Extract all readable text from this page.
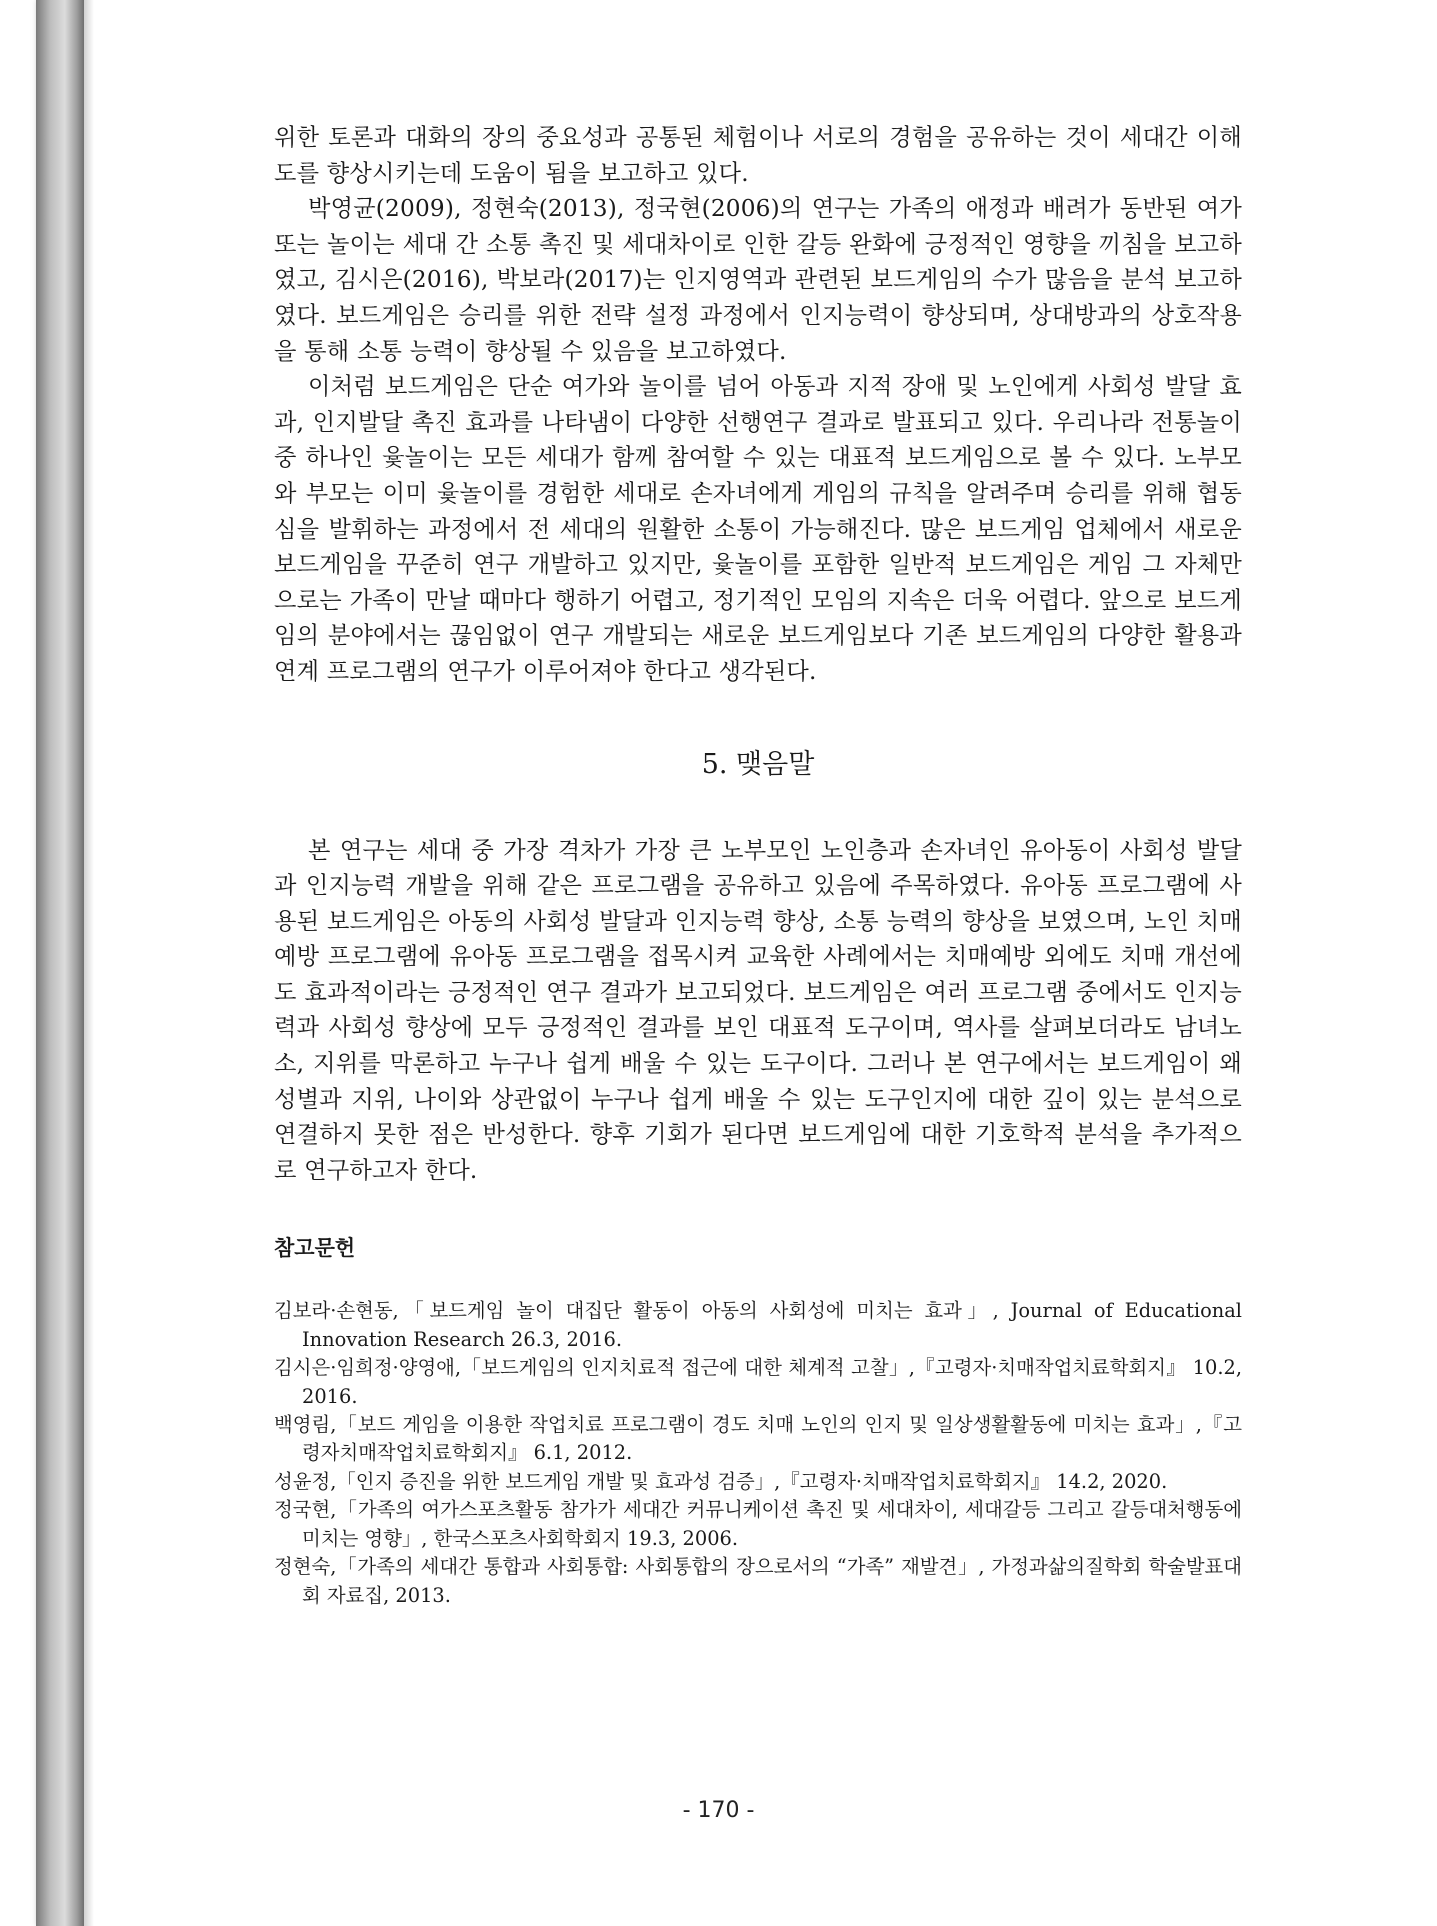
위한 토론과 대화의 장의 중요성과 공통된 체험이나 서로의 경험을 공유하는 것이 세대간 이해도를 향상시키는데 도움이 됨을 보고하고 있다.

박영균(2009), 정현숙(2013), 정국현(2006)의 연구는 가족의 애정과 배려가 동반된 여가 또는 놀이는 세대 간 소통 촉진 및 세대차이로 인한 갈등 완화에 긍정적인 영향을 끼침을 보고하였고, 김시은(2016), 박보라(2017)는 인지영역과 관련된 보드게임의 수가 많음을 분석 보고하였다. 보드게임은 승리를 위한 전략 설정 과정에서 인지능력이 향상되며, 상대방과의 상호작용을 통해 소통 능력이 향상될 수 있음을 보고하였다.

이처럼 보드게임은 단순 여가와 놀이를 넘어 아동과 지적 장애 및 노인에게 사회성 발달 효과, 인지발달 촉진 효과를 나타냄이 다양한 선행연구 결과로 발표되고 있다. 우리나라 전통놀이 중 하나인 윷놀이는 모든 세대가 함께 참여할 수 있는 대표적 보드게임으로 볼 수 있다. 노부모와 부모는 이미 윷놀이를 경험한 세대로 손자녀에게 게임의 규칙을 알려주며 승리를 위해 협동심을 발휘하는 과정에서 전 세대의 원활한 소통이 가능해진다. 많은 보드게임 업체에서 새로운 보드게임을 꾸준히 연구 개발하고 있지만, 윷놀이를 포함한 일반적 보드게임은 게임 그 자체만으로는 가족이 만날 때마다 행하기 어렵고, 정기적인 모임의 지속은 더욱 어렵다. 앞으로 보드게임의 분야에서는 끊임없이 연구 개발되는 새로운 보드게임보다 기존 보드게임의 다양한 활용과 연계 프로그램의 연구가 이루어져야 한다고 생각된다.

5. 맺음말

본 연구는 세대 중 가장 격차가 가장 큰 노부모인 노인층과 손자녀인 유아동이 사회성 발달과 인지능력 개발을 위해 같은 프로그램을 공유하고 있음에 주목하였다. 유아동 프로그램에 사용된 보드게임은 아동의 사회성 발달과 인지능력 향상, 소통 능력의 향상을 보였으며, 노인 치매예방 프로그램에 유아동 프로그램을 접목시켜 교육한 사례에서는 치매예방 외에도 치매 개선에도 효과적이라는 긍정적인 연구 결과가 보고되었다. 보드게임은 여러 프로그램 중에서도 인지능력과 사회성 향상에 모두 긍정적인 결과를 보인 대표적 도구이며, 역사를 살펴보더라도 남녀노소, 지위를 막론하고 누구나 쉽게 배울 수 있는 도구이다. 그러나 본 연구에서는 보드게임이 왜 성별과 지위, 나이와 상관없이 누구나 쉽게 배울 수 있는 도구인지에 대한 깊이 있는 분석으로 연결하지 못한 점은 반성한다. 향후 기회가 된다면 보드게임에 대한 기호학적 분석을 추가적으로 연구하고자 한다.

참고문헌
김보라·손현동,「보드게임 놀이 대집단 활동이 아동의 사회성에 미치는 효과」, Journal of Educational Innovation Research 26.3, 2016.
김시은·임희정·양영애,「보드게임의 인지치료적 접근에 대한 체계적 고찰」,『고령자·치매작업치료학회지』 10.2, 2016.
백영림,「보드 게임을 이용한 작업치료 프로그램이 경도 치매 노인의 인지 및 일상생활활동에 미치는 효과」,『고령자치매작업치료학회지』 6.1, 2012.
성윤정,「인지 증진을 위한 보드게임 개발 및 효과성 검증」,『고령자·치매작업치료학회지』 14.2, 2020.
정국현,「가족의 여가스포츠활동 참가가 세대간 커뮤니케이션 촉진 및 세대차이, 세대갈등 그리고 갈등대처행동에 미치는 영향」, 한국스포츠사회학회지 19.3, 2006.
정현숙,「가족의 세대간 통합과 사회통합: 사회통합의 장으로서의 “가족” 재발견」, 가정과삶의질학회 학술발표대회 자료집, 2013.
- 170 -
